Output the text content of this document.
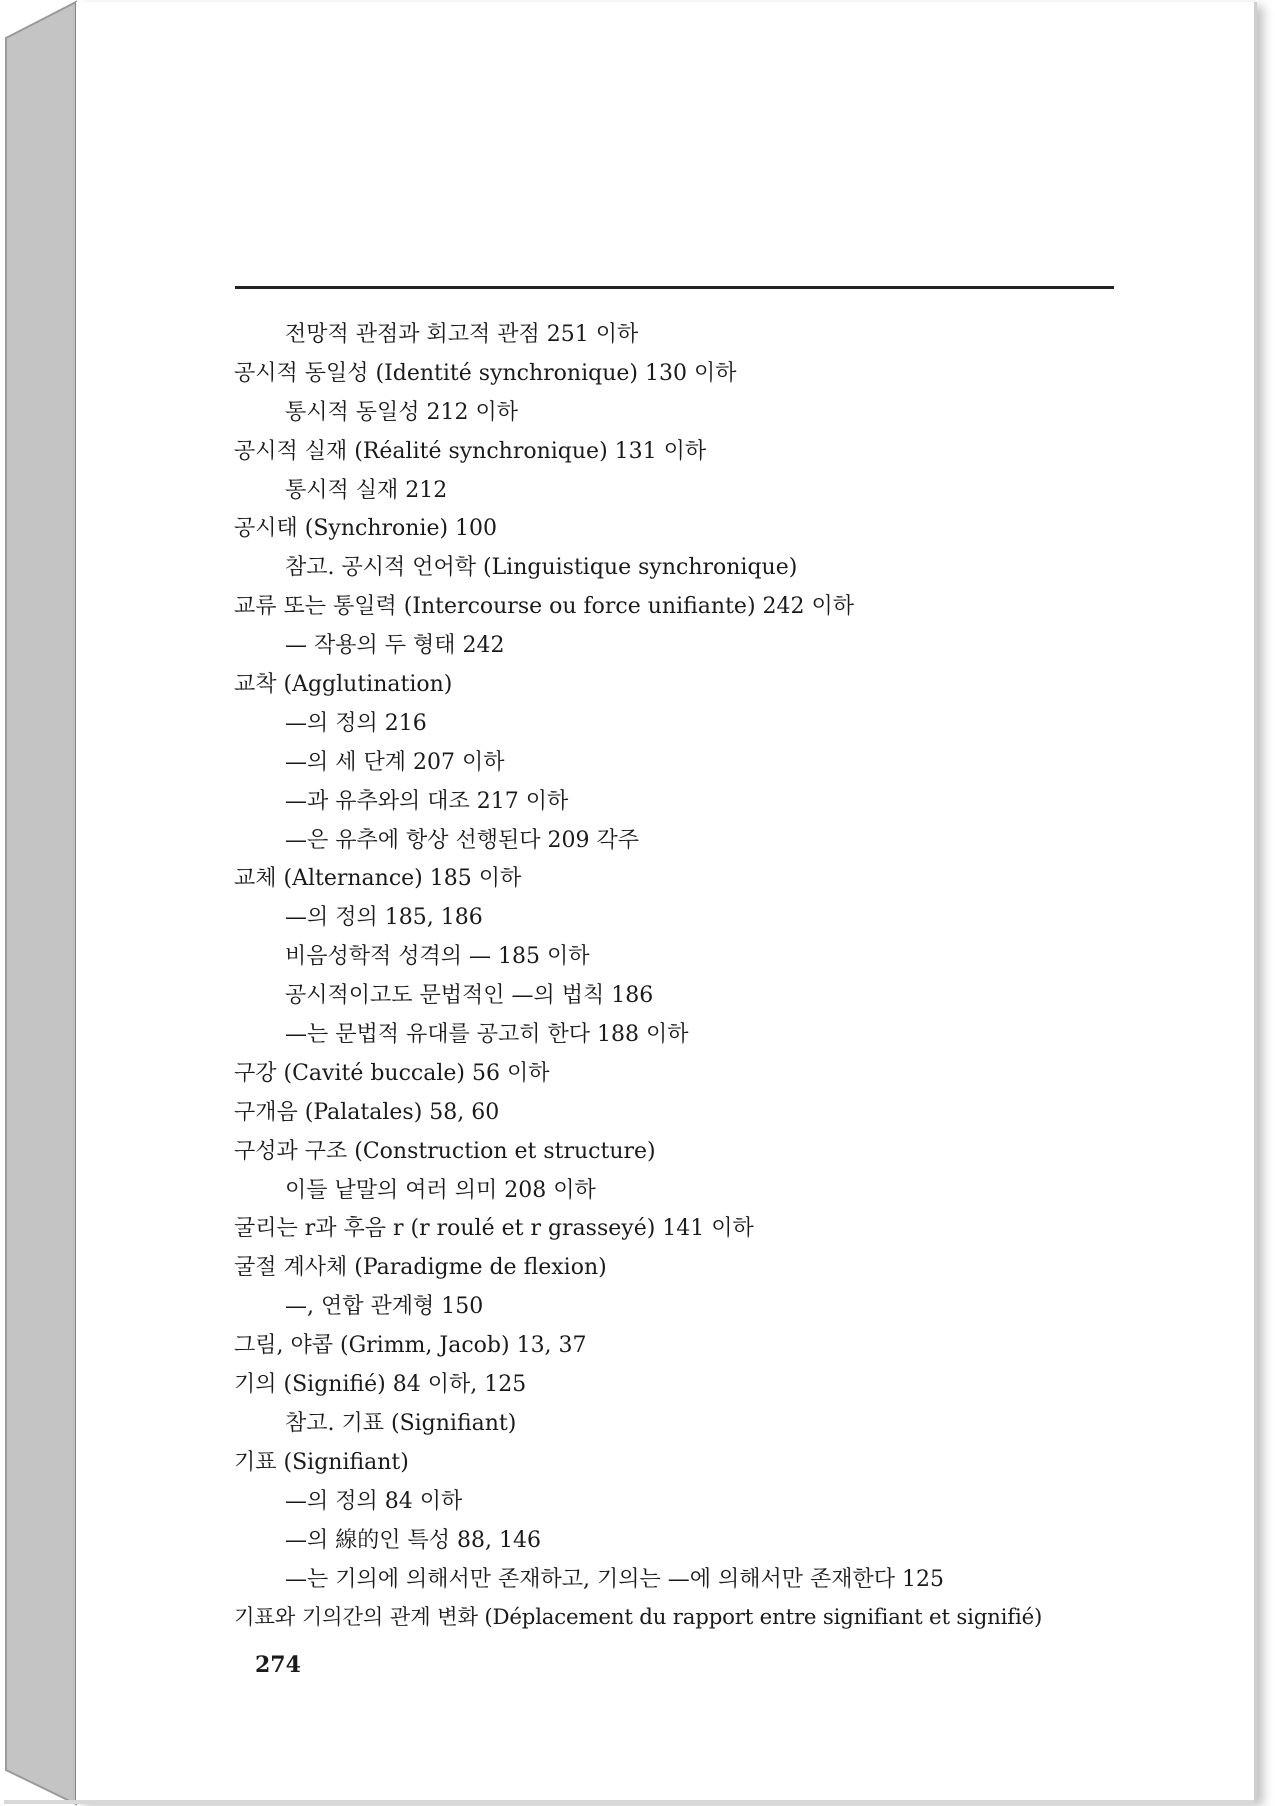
전망적 관점과 회고적 관점 251 이하
공시적 동일성 (Identité synchronique) 130 이하
통시적 동일성 212 이하
공시적 실재 (Réalité synchronique) 131 이하
통시적 실재 212
공시태 (Synchronie) 100
참고. 공시적 언어학 (Linguistique synchronique)
교류 또는 통일력 (Intercourse ou force unifiante) 242 이하
— 작용의 두 형태 242
교착 (Agglutination)
—의 정의 216
—의 세 단계 207 이하
—과 유추와의 대조 217 이하
—은 유추에 항상 선행된다 209 각주
교체 (Alternance) 185 이하
—의 정의 185, 186
비음성학적 성격의 — 185 이하
공시적이고도 문법적인 —의 법칙 186
—는 문법적 유대를 공고히 한다 188 이하
구강 (Cavité buccale) 56 이하
구개음 (Palatales) 58, 60
구성과 구조 (Construction et structure)
이들 낱말의 여러 의미 208 이하
굴리는 r과 후음 r (r roulé et r grasseyé) 141 이하
굴절 계사체 (Paradigme de flexion)
—, 연합 관계형 150
그림, 야콥 (Grimm, Jacob) 13, 37
기의 (Signifié) 84 이하, 125
참고. 기표 (Signifiant)
기표 (Signifiant)
—의 정의 84 이하
—의 線的인 특성 88, 146
—는 기의에 의해서만 존재하고, 기의는 —에 의해서만 존재한다 125
기표와 기의간의 관계 변화 (Déplacement du rapport entre signifiant et signifié)
274
